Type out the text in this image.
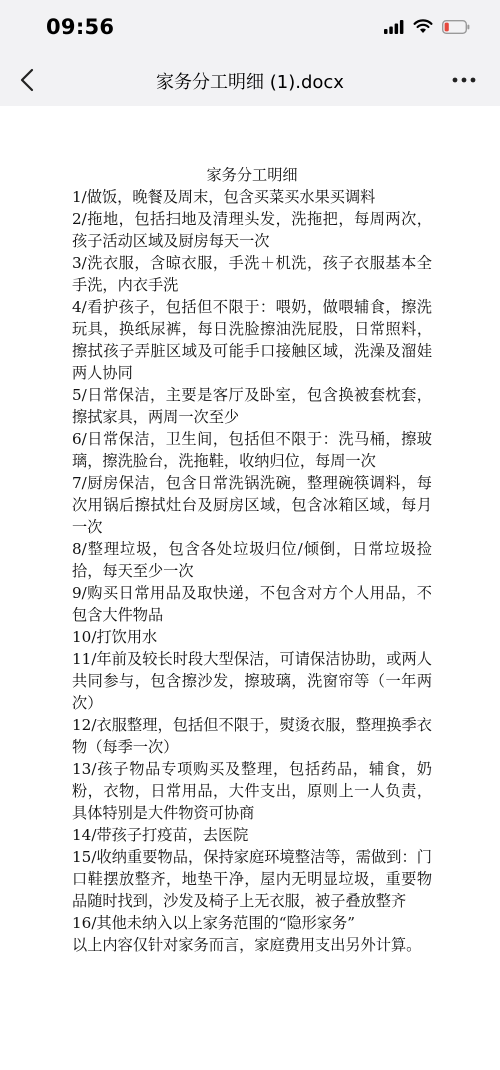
09:56
家务分工明细 (1).docx

家务分工明细

1/做饭，晚餐及周末，包含买菜买水果买调料

2/拖地，包括扫地及清理头发，洗拖把，每周两次，孩子活动区域及厨房每天一次

3/洗衣服，含晾衣服，手洗＋机洗，孩子衣服基本全手洗，内衣手洗

4/看护孩子，包括但不限于：喂奶，做喂辅食，擦洗玩具，换纸尿裤，每日洗脸擦油洗屁股，日常照料，擦拭孩子弄脏区域及可能手口接触区域，洗澡及溜娃两人协同

5/日常保洁，主要是客厅及卧室，包含换被套枕套，擦拭家具，两周一次至少

6/日常保洁，卫生间，包括但不限于：洗马桶，擦玻璃，擦洗脸台，洗拖鞋，收纳归位，每周一次

7/厨房保洁，包含日常洗锅洗碗，整理碗筷调料，每次用锅后擦拭灶台及厨房区域，包含冰箱区域，每月一次

8/整理垃圾，包含各处垃圾归位/倾倒，日常垃圾捡拾，每天至少一次

9/购买日常用品及取快递，不包含对方个人用品，不包含大件物品

10/打饮用水

11/年前及较长时段大型保洁，可请保洁协助，或两人共同参与，包含擦沙发，擦玻璃，洗窗帘等（一年两次）

12/衣服整理，包括但不限于，熨烫衣服，整理换季衣物（每季一次）

13/孩子物品专项购买及整理，包括药品，辅食，奶粉，衣物，日常用品，大件支出，原则上一人负责，具体特别是大件物资可协商

14/带孩子打疫苗，去医院

15/收纳重要物品，保持家庭环境整洁等，需做到：门口鞋摆放整齐，地垫干净，屋内无明显垃圾，重要物品随时找到，沙发及椅子上无衣服，被子叠放整齐

16/其他未纳入以上家务范围的“隐形家务”

以上内容仅针对家务而言，家庭费用支出另外计算。
